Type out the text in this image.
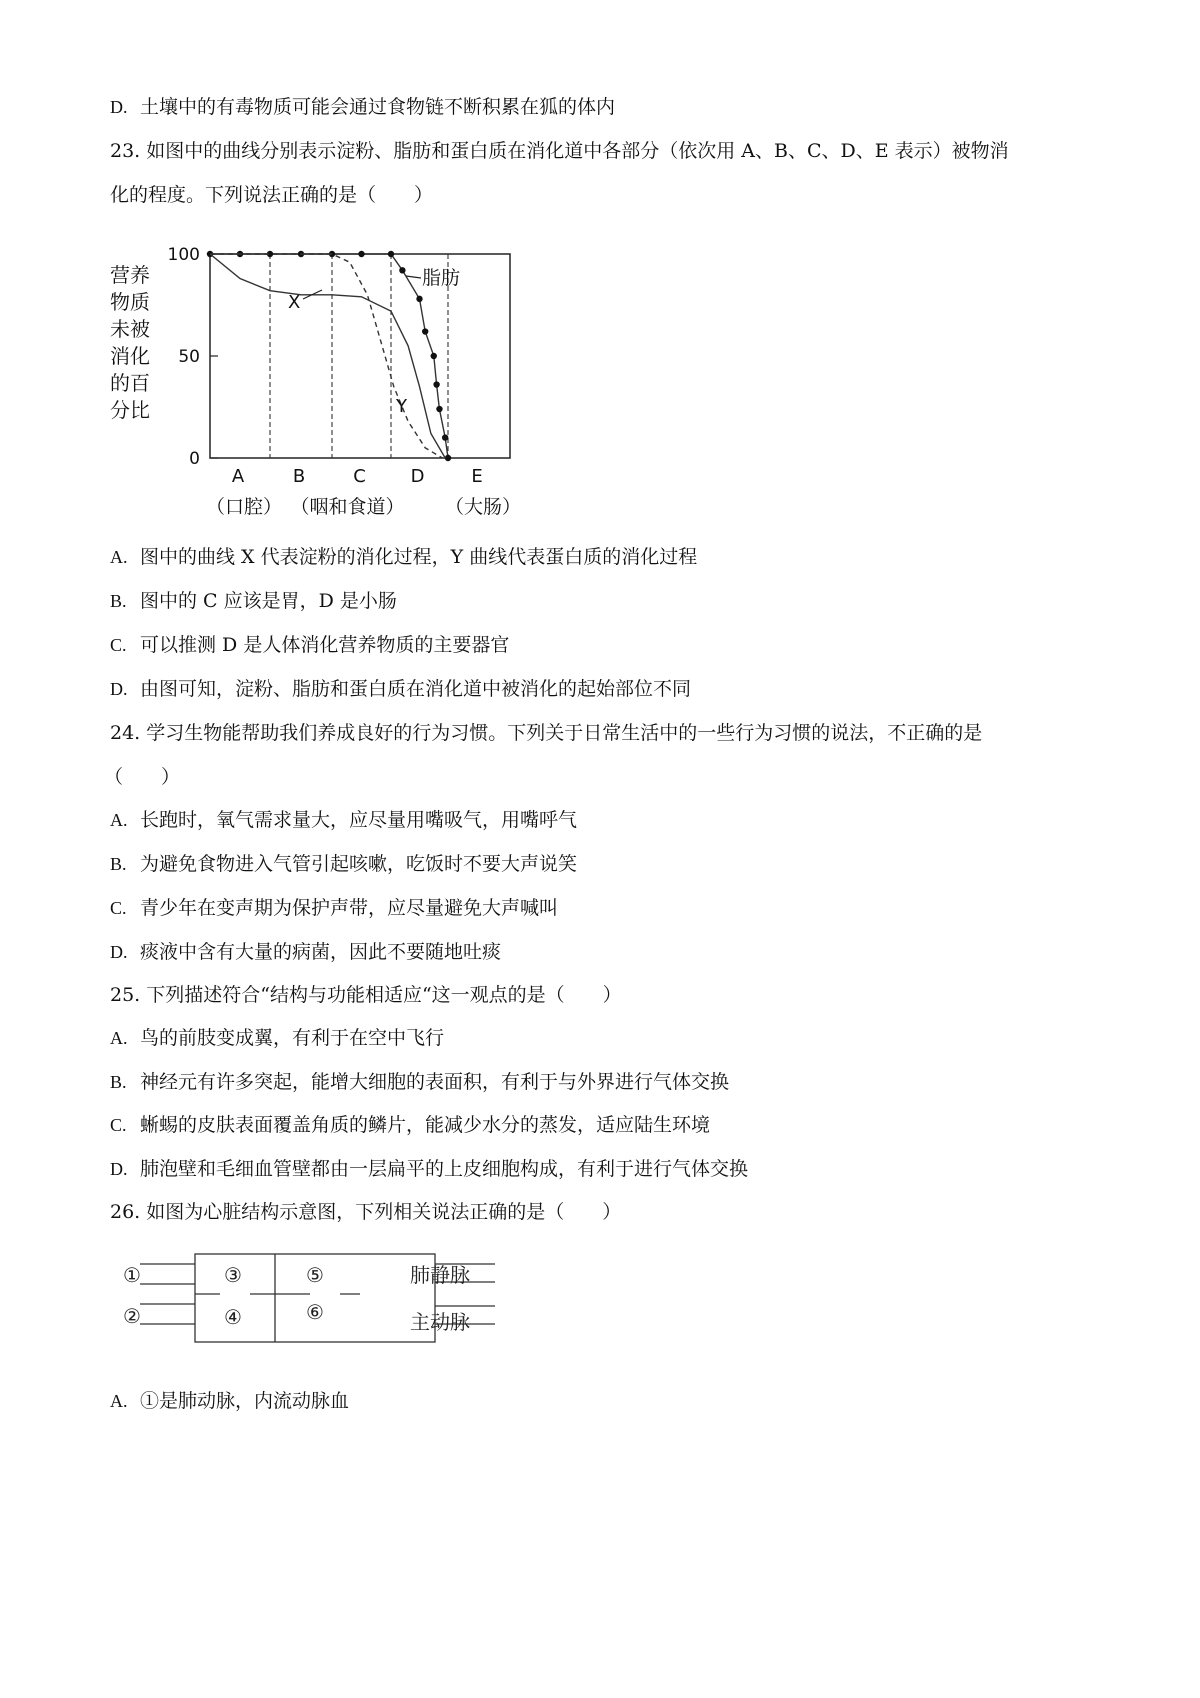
D. 土壤中的有毒物质可能会通过食物链不断积累在狐的体内
23. 如图中的曲线分别表示淀粉、脂肪和蛋白质在消化道中各部分（依次用 A、B、C、D、E 表示）被物消
化的程度。下列说法正确的是（　　）
营养
物质
未被
消化
的百
分比
100
50
0
A
（口腔）
B	C
（咽和食道）
D	E
（大肠）
脂肪
X
Y
A. 图中的曲线 X 代表淀粉的消化过程，Y 曲线代表蛋白质的消化过程
B. 图中的 C 应该是胃，D 是小肠
C. 可以推测 D 是人体消化营养物质的主要器官
D. 由图可知，淀粉、脂肪和蛋白质在消化道中被消化的起始部位不同
24. 学习生物能帮助我们养成良好的行为习惯。下列关于日常生活中的一些行为习惯的说法，不正确的是
（　　）
A. 长跑时，氧气需求量大，应尽量用嘴吸气，用嘴呼气
B. 为避免食物进入气管引起咳嗽，吃饭时不要大声说笑
C. 青少年在变声期为保护声带，应尽量避免大声喊叫
D. 痰液中含有大量的病菌，因此不要随地吐痰
25. 下列描述符合“结构与功能相适应“这一观点的是（　　）
A. 鸟的前肢变成翼，有利于在空中飞行
B. 神经元有许多突起，能增大细胞的表面积，有利于与外界进行气体交换
C. 蜥蜴的皮肤表面覆盖角质的鳞片，能减少水分的蒸发，适应陆生环境
D. 肺泡壁和毛细血管壁都由一层扁平的上皮细胞构成，有利于进行气体交换
26. 如图为心脏结构示意图，下列相关说法正确的是（　　）
①
②
③
④
⑤
⑥
肺静脉
主动脉
A. ①是肺动脉，内流动脉血
